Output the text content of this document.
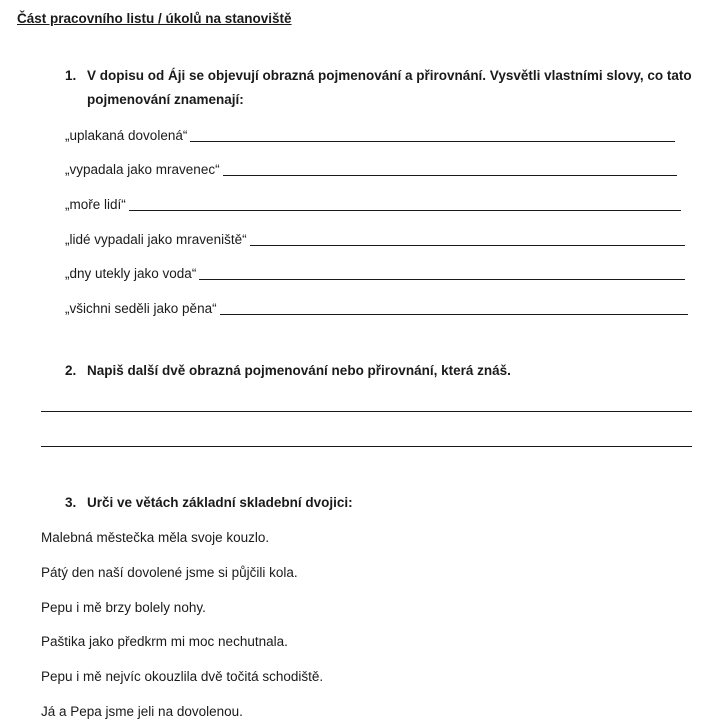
Část pracovního listu / úkolů na stanoviště
1. V dopisu od Áji se objevují obrazná pojmenování a přirovnání. Vysvětli vlastními slovy, co tato
pojmenování znamenají:
„uplakaná dovolená“
„vypadala jako mravenec“
„moře lidí“
„lidé vypadali jako mraveniště“
„dny utekly jako voda“
„všichni seděli jako pěna“
2. Napiš další dvě obrazná pojmenování nebo přirovnání, která znáš.
3. Urči ve větách základní skladební dvojici:
Malebná městečka měla svoje kouzlo.
Pátý den naší dovolené jsme si půjčili kola.
Pepu i mě brzy bolely nohy.
Paštika jako předkrm mi moc nechutnala.
Pepu i mě nejvíc okouzlila dvě točitá schodiště.
Já a Pepa jsme jeli na dovolenou.
